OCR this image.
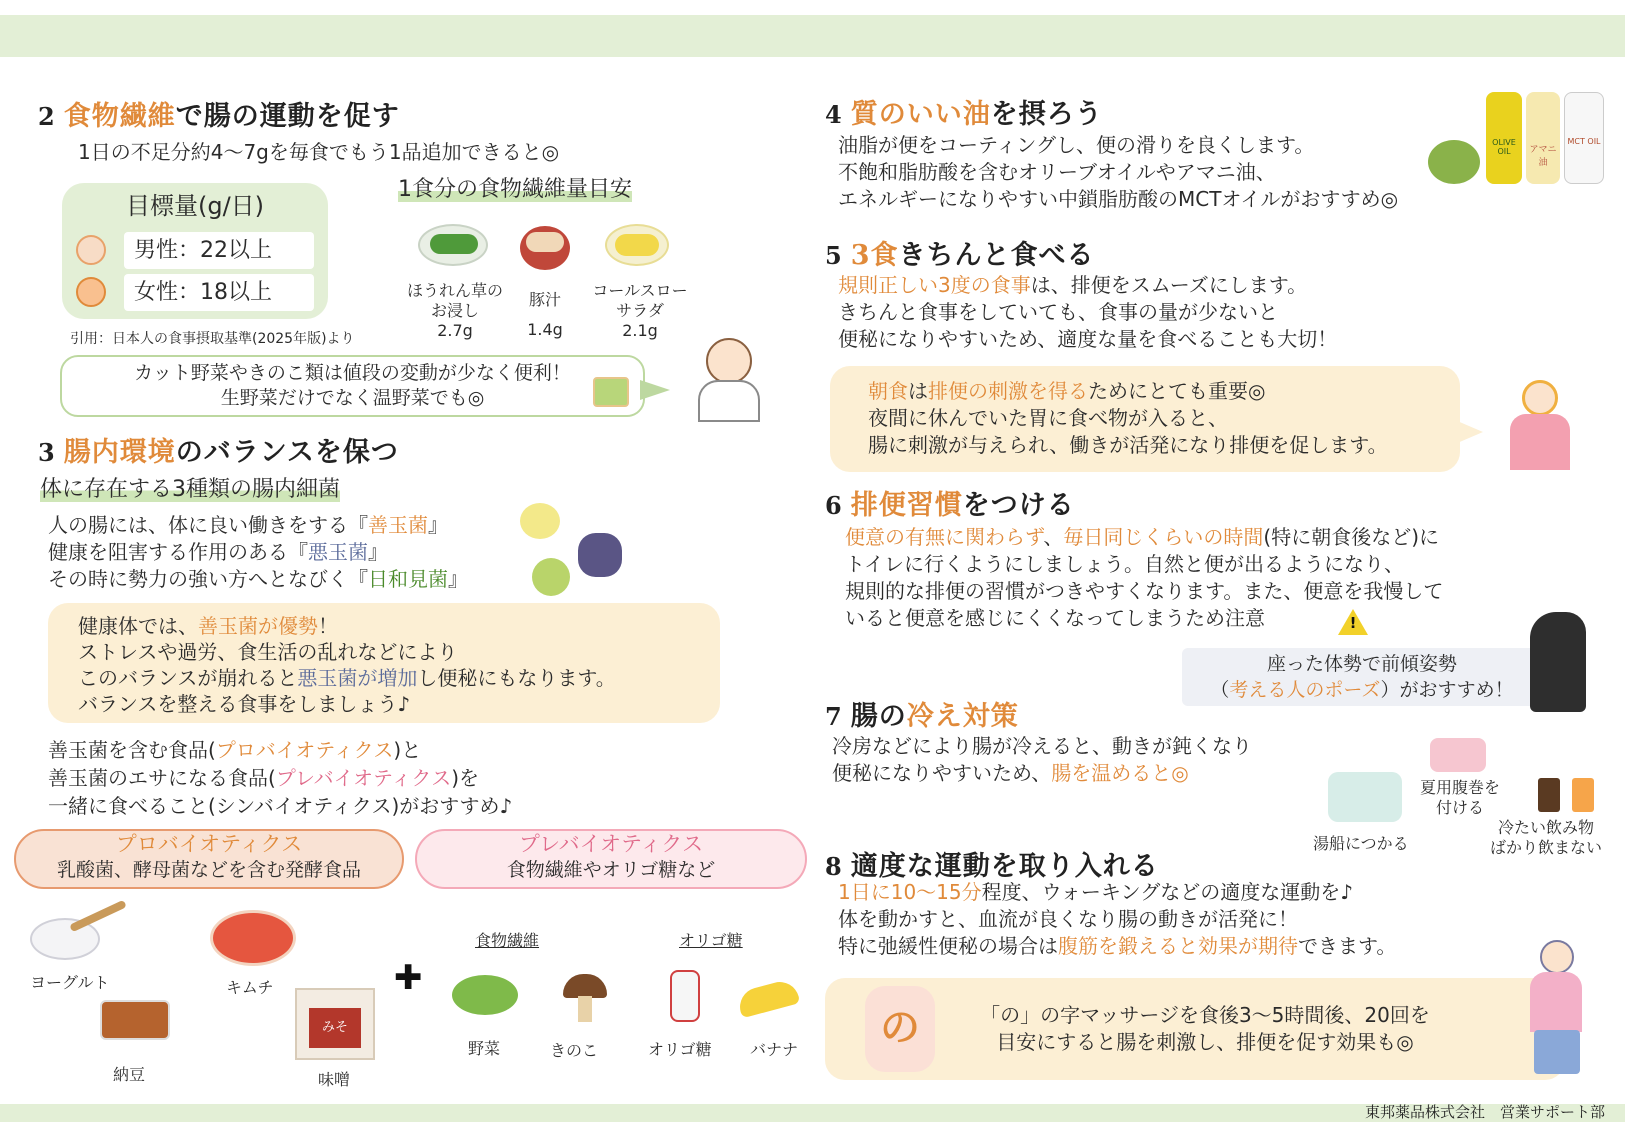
東邦薬品株式会社　営業サポート部
2 食物繊維で腸の運動を促す
1日の不足分約4～7gを毎食でもう1品追加できると◎
目標量(g/日)
男性：22以上
女性：18以上
引用：日本人の食事摂取基準(2025年版)より
1食分の食物繊維量目安
ほうれん草の
お浸し
2.7g
豚汁
1.4g
コールスロー
サラダ
2.1g
カット野菜やきのこ類は値段の変動が少なく便利！
生野菜だけでなく温野菜でも◎
3 腸内環境のバランスを保つ
体に存在する3種類の腸内細菌
人の腸には、体に良い働きをする『善玉菌』
健康を阻害する作用のある『悪玉菌』
その時に勢力の強い方へとなびく『日和見菌』
健康体では、善玉菌が優勢！
ストレスや過労、食生活の乱れなどにより
このバランスが崩れると悪玉菌が増加し便秘にもなります。
バランスを整える食事をしましょう♪
善玉菌を含む食品(プロバイオティクス)と
善玉菌のエサになる食品(プレバイオティクス)を
一緒に食べること(シンバイオティクス)がおすすめ♪
プロバイオティクス
乳酸菌、酵母菌などを含む発酵食品
プレバイオティクス
食物繊維やオリゴ糖など
ヨーグルト	キムチ
納豆
みそ
味噌
✚
食物繊維	オリゴ糖
野菜	きのこ	オリゴ糖 バナナ
4 質のいい油を摂ろう
油脂が便をコーティングし、便の滑りを良くします。
不飽和脂肪酸を含むオリーブオイルやアマニ油、
エネルギーになりやすい中鎖脂肪酸のMCTオイルがおすすめ◎
OLIVE OIL	アマニ油
MCT OIL
5 3食きちんと食べる
規則正しい3度の食事は、排便をスムーズにします。
きちんと食事をしていても、食事の量が少ないと
便秘になりやすいため、適度な量を食べることも大切！
朝食は排便の刺激を得るためにとても重要◎
夜間に休んでいた胃に食べ物が入ると、
腸に刺激が与えられ、働きが活発になり排便を促します。
6 排便習慣をつける
便意の有無に関わらず、毎日同じくらいの時間(特に朝食後など)に
トイレに行くようにしましょう。自然と便が出るようになり、
規則的な排便の習慣がつきやすくなります。また、便意を我慢して
いると便意を感じにくくなってしまうため注意	!
座った体勢で前傾姿勢
（考える人のポーズ）がおすすめ！
7 腸の冷え対策
冷房などにより腸が冷えると、動きが鈍くなり
便秘になりやすいため、腸を温めると◎
湯船につかる
夏用腹巻を
付ける
冷たい飲み物
ばかり飲まない
8 適度な運動を取り入れる
1日に10～15分程度、ウォーキングなどの適度な運動を♪
体を動かすと、血流が良くなり腸の動きが活発に！
特に弛緩性便秘の場合は腹筋を鍛えると効果が期待できます。
の	「の」の字マッサージを食後3～5時間後、20回を
目安にすると腸を刺激し、排便を促す効果も◎
